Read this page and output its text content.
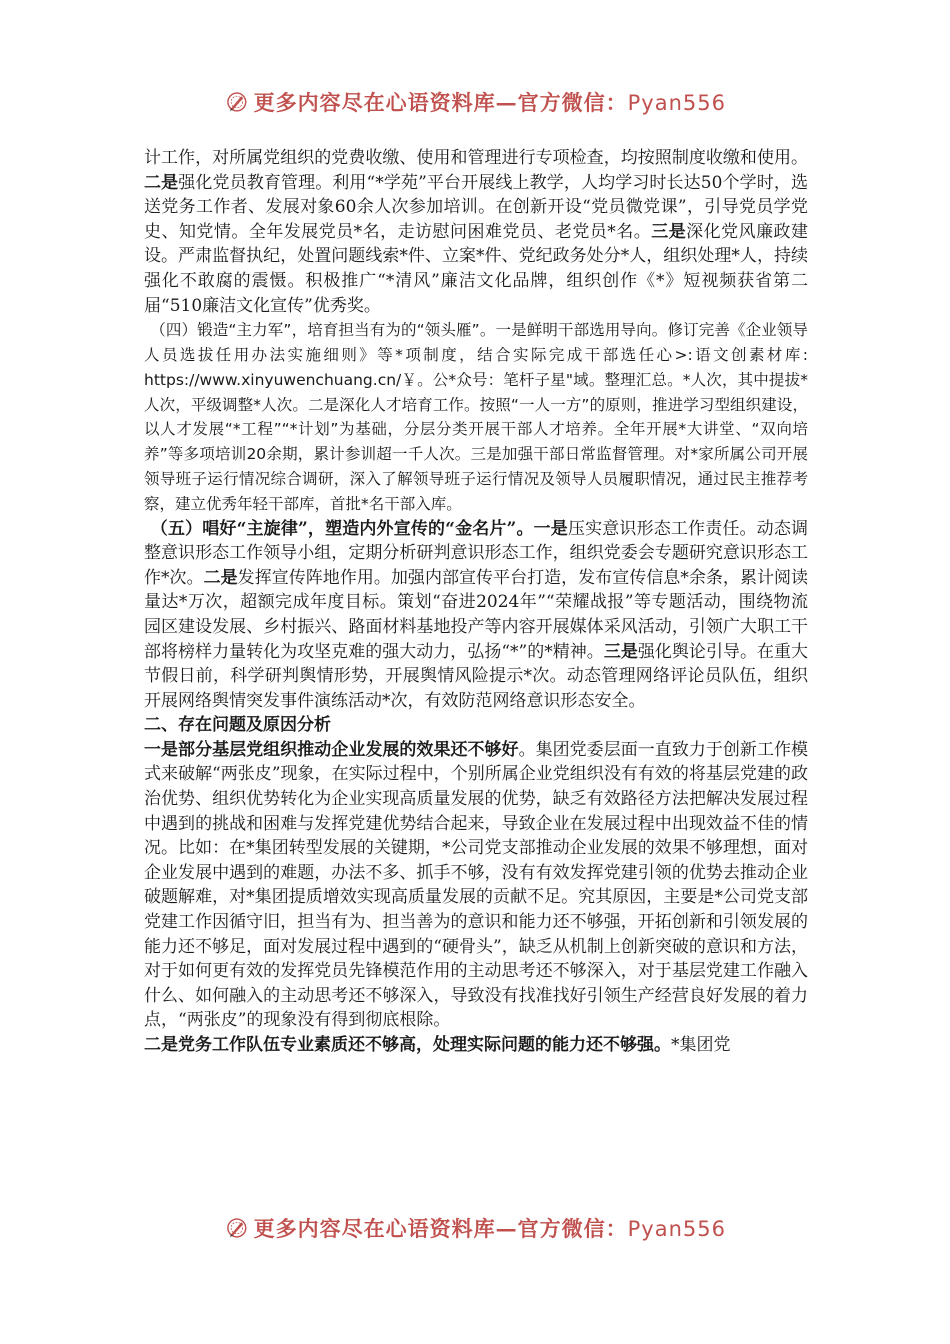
更多内容尽在心语资料库—官方微信：Pyan556

计工作，对所属党组织的党费收缴、使用和管理进行专项检查，均按照制度收缴和使用。二是强化党员教育管理。利用“*学苑”平台开展线上教学，人均学习时长达50个学时，选送党务工作者、发展对象60余人次参加培训。在创新开设“党员微党课”，引导党员学党史、知党情。全年发展党员*名，走访慰问困难党员、老党员*名。三是深化党风廉政建设。严肃监督执纪，处置问题线索*件、立案*件、党纪政务处分*人，组织处理*人，持续强化不敢腐的震慑。积极推广“*清风”廉洁文化品牌，组织创作《*》短视频获省第二届“510廉洁文化宣传”优秀奖。

（四）锻造“主力军”，培育担当有为的“领头雁”。一是鲜明干部选用导向。修订完善《企业领导人员选拔任用办法实施细则》等*项制度，结合实际完成干部选任心>:语文创素材库: https://www.xinyuwenchuang.cn/￥。公*众号：笔杆子星"域。整理汇总。*人次，其中提拔*人次，平级调整*人次。二是深化人才培育工作。按照“一人一方”的原则，推进学习型组织建设，以人才发展“*工程”“*计划”为基础，分层分类开展干部人才培养。全年开展*大讲堂、“双向培养”等多项培训20余期，累计参训超一千人次。三是加强干部日常监督管理。对*家所属公司开展领导班子运行情况综合调研，深入了解领导班子运行情况及领导人员履职情况，通过民主推荐考察，建立优秀年轻干部库，首批*名干部入库。

（五）唱好“主旋律”，塑造内外宣传的“金名片”。一是压实意识形态工作责任。动态调整意识形态工作领导小组，定期分析研判意识形态工作，组织党委会专题研究意识形态工作*次。二是发挥宣传阵地作用。加强内部宣传平台打造，发布宣传信息*余条，累计阅读量达*万次，超额完成年度目标。策划“奋进2024年”“荣耀战报”等专题活动，围绕物流园区建设发展、乡村振兴、路面材料基地投产等内容开展媒体采风活动，引领广大职工干部将榜样力量转化为攻坚克难的强大动力，弘扬“*”的*精神。三是强化舆论引导。在重大节假日前，科学研判舆情形势，开展舆情风险提示*次。动态管理网络评论员队伍，组织开展网络舆情突发事件演练活动*次，有效防范网络意识形态安全。

二、存在问题及原因分析

一是部分基层党组织推动企业发展的效果还不够好。集团党委层面一直致力于创新工作模式来破解“两张皮”现象，在实际过程中，个别所属企业党组织没有有效的将基层党建的政治优势、组织优势转化为企业实现高质量发展的优势，缺乏有效路径方法把解决发展过程中遇到的挑战和困难与发挥党建优势结合起来，导致企业在发展过程中出现效益不佳的情况。比如：在*集团转型发展的关键期，*公司党支部推动企业发展的效果不够理想，面对企业发展中遇到的难题，办法不多、抓手不够，没有有效发挥党建引领的优势去推动企业破题解难，对*集团提质增效实现高质量发展的贡献不足。究其原因，主要是*公司党支部党建工作因循守旧，担当有为、担当善为的意识和能力还不够强，开拓创新和引领发展的能力还不够足，面对发展过程中遇到的“硬骨头”，缺乏从机制上创新突破的意识和方法，对于如何更有效的发挥党员先锋模范作用的主动思考还不够深入，对于基层党建工作融入什么、如何融入的主动思考还不够深入，导致没有找准找好引领生产经营良好发展的着力点，“两张皮”的现象没有得到彻底根除。

二是党务工作队伍专业素质还不够高，处理实际问题的能力还不够强。*集团党

更多内容尽在心语资料库—官方微信：Pyan556
